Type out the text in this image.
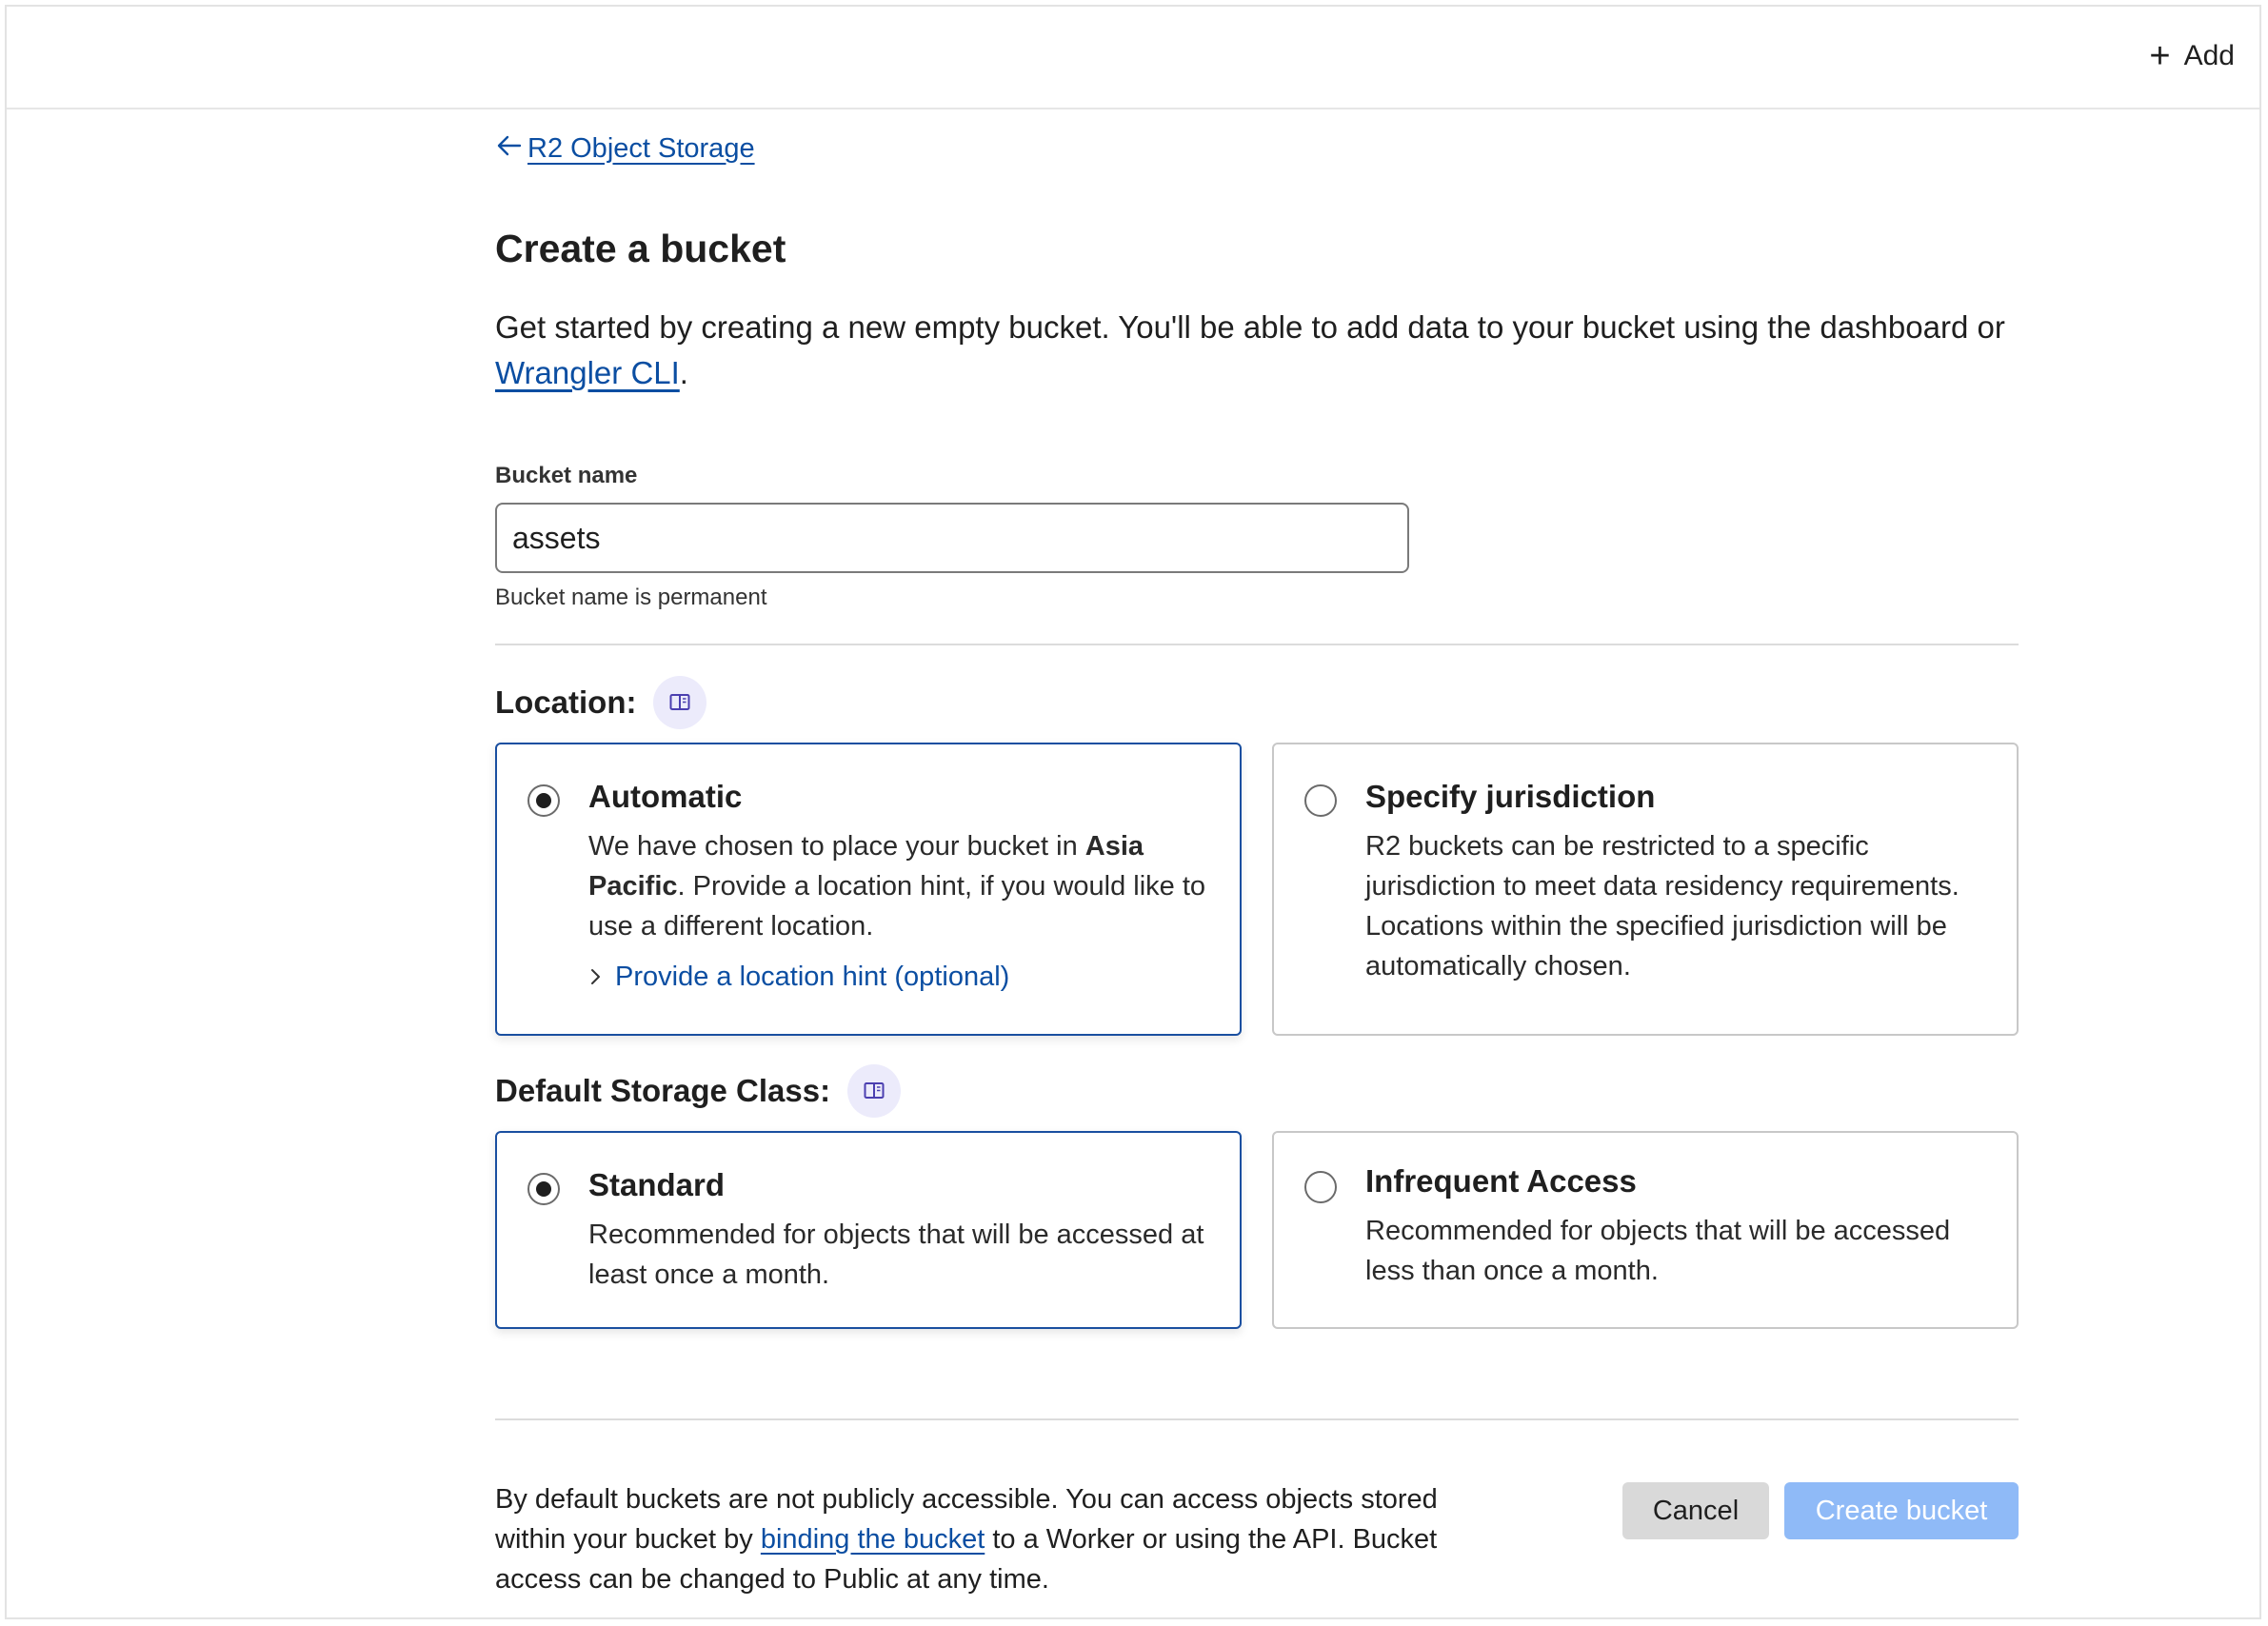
+ Add
R2 Object Storage
Create a bucket
Get started by creating a new empty bucket. You'll be able to add data to your bucket using the dashboard or Wrangler CLI.
Bucket name
assets
Bucket name is permanent
Location:
Automatic
We have chosen to place your bucket in Asia Pacific. Provide a location hint, if you would like to use a different location.
Provide a location hint (optional)
Specify jurisdiction
R2 buckets can be restricted to a specific jurisdiction to meet data residency requirements. Locations within the specified jurisdiction will be automatically chosen.
Default Storage Class:
Standard
Recommended for objects that will be accessed at least once a month.
Infrequent Access
Recommended for objects that will be accessed less than once a month.
By default buckets are not publicly accessible. You can access objects stored within your bucket by binding the bucket to a Worker or using the API. Bucket access can be changed to Public at any time.
Cancel	Create bucket
